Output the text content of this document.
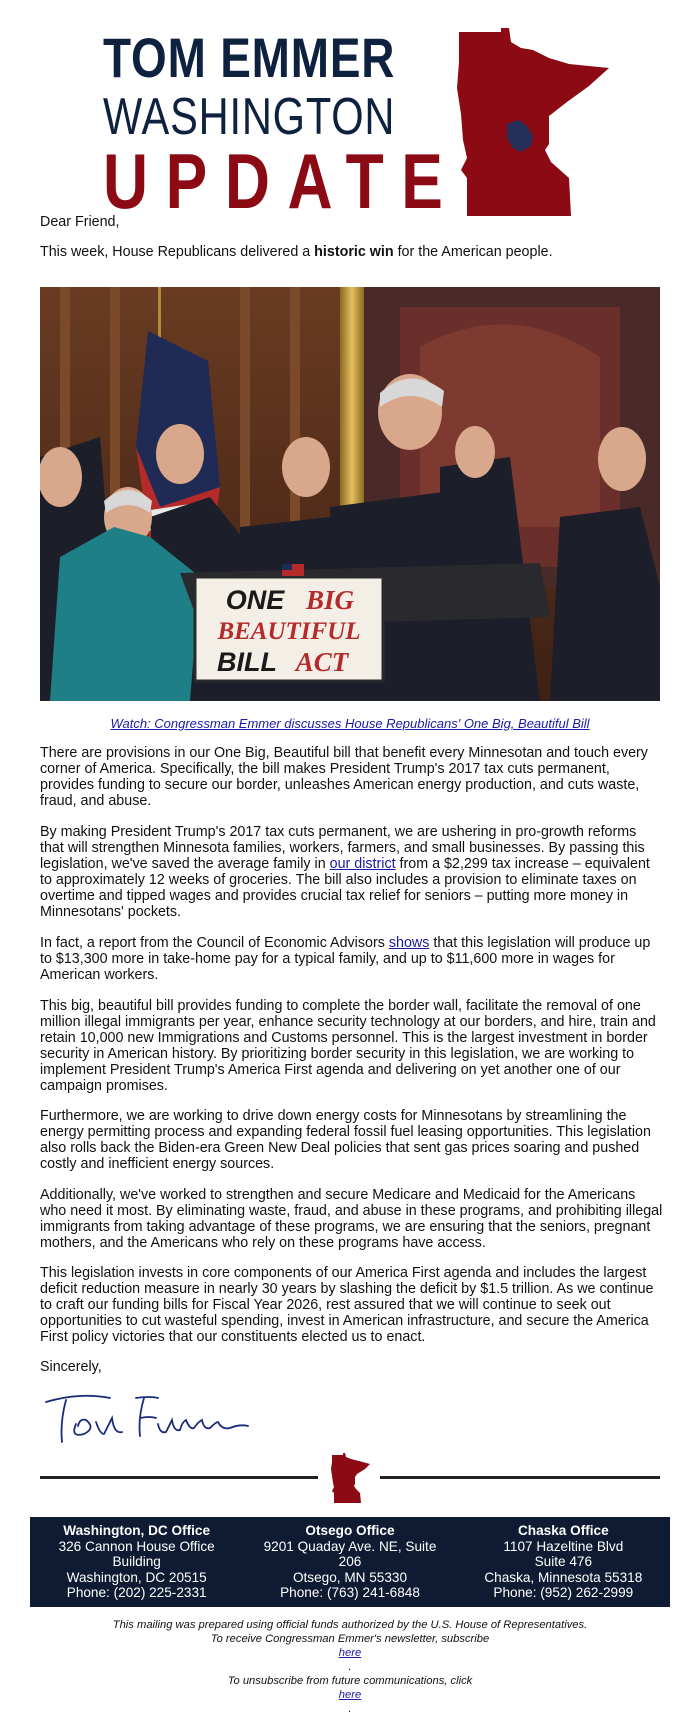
TOM EMMER
WASHINGTON
UPDATE

Dear Friend,

This week, House Republicans delivered a historic win for the American people.

ONE BIG
BEAUTIFUL
BILL ACT

Watch: Congressman Emmer discusses House Republicans' One Big, Beautiful Bill

There are provisions in our One Big, Beautiful bill that benefit every Minnesotan and touch every corner of America. Specifically, the bill makes President Trump's 2017 tax cuts permanent, provides funding to secure our border, unleashes American energy production, and cuts waste, fraud, and abuse.

By making President Trump's 2017 tax cuts permanent, we are ushering in pro-growth reforms that will strengthen Minnesota families, workers, farmers, and small businesses. By passing this legislation, we've saved the average family in our district from a $2,299 tax increase – equivalent to approximately 12 weeks of groceries. The bill also includes a provision to eliminate taxes on overtime and tipped wages and provides crucial tax relief for seniors – putting more money in Minnesotans' pockets.

In fact, a report from the Council of Economic Advisors shows that this legislation will produce up to $13,300 more in take-home pay for a typical family, and up to $11,600 more in wages for American workers.

This big, beautiful bill provides funding to complete the border wall, facilitate the removal of one million illegal immigrants per year, enhance security technology at our borders, and hire, train and retain 10,000 new Immigrations and Customs personnel. This is the largest investment in border security in American history. By prioritizing border security in this legislation, we are working to implement President Trump's America First agenda and delivering on yet another one of our campaign promises.

Furthermore, we are working to drive down energy costs for Minnesotans by streamlining the energy permitting process and expanding federal fossil fuel leasing opportunities. This legislation also rolls back the Biden-era Green New Deal policies that sent gas prices soaring and pushed costly and inefficient energy sources.

Additionally, we've worked to strengthen and secure Medicare and Medicaid for the Americans who need it most. By eliminating waste, fraud, and abuse in these programs, and prohibiting illegal immigrants from taking advantage of these programs, we are ensuring that the seniors, pregnant mothers, and the Americans who rely on these programs have access.

This legislation invests in core components of our America First agenda and includes the largest deficit reduction measure in nearly 30 years by slashing the deficit by $1.5 trillion. As we continue to craft our funding bills for Fiscal Year 2026, rest assured that we will continue to seek out opportunities to cut wasteful spending, invest in American infrastructure, and secure the America First policy victories that our constituents elected us to enact.

Sincerely,

Washington, DC Office
326 Cannon House Office
Building
Washington, DC 20515
Phone: (202) 225-2331
Otsego Office
9201 Quaday Ave. NE, Suite
206
Otsego, MN 55330
Phone: (763) 241-6848
Chaska Office
1107 Hazeltine Blvd
Suite 476
Chaska, Minnesota 55318
Phone: (952) 262-2999

This mailing was prepared using official funds authorized by the U.S. House of Representatives.
To receive Congressman Emmer's newsletter, subscribe
here
.
To unsubscribe from future communications, click
here
.
